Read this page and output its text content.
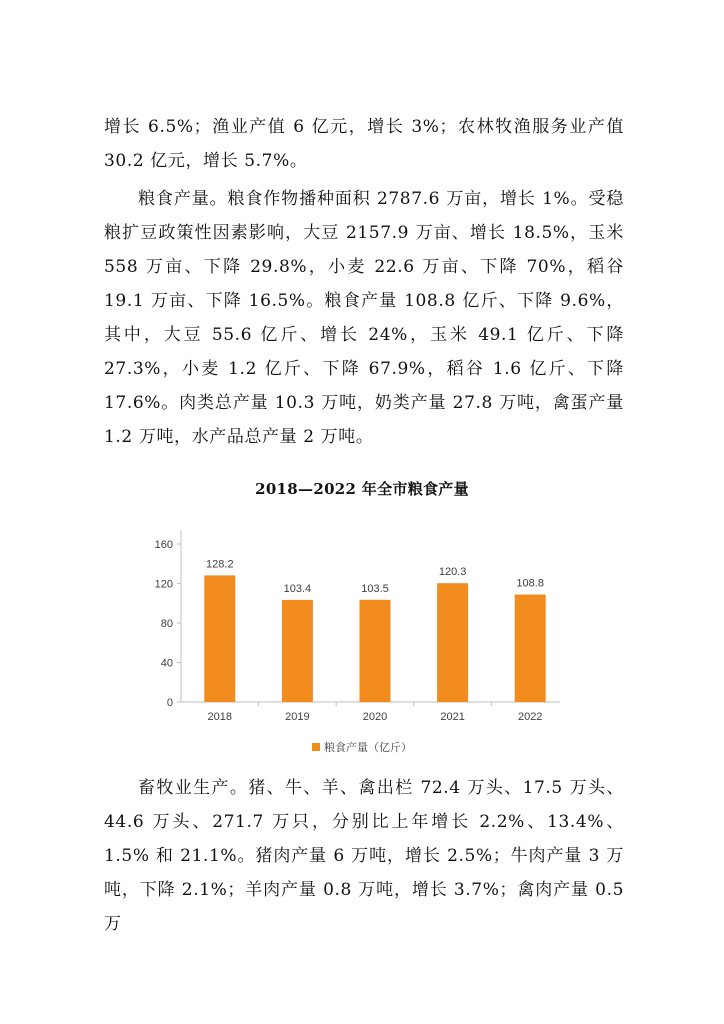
增长 6.5%；渔业产值 6 亿元，增长 3%；农林牧渔服务业产值 30.2 亿元，增长 5.7%。

粮食产量。粮食作物播种面积 2787.6 万亩，增长 1%。受稳粮扩豆政策性因素影响，大豆 2157.9 万亩、增长 18.5%，玉米 558 万亩、下降 29.8%，小麦 22.6 万亩、下降 70%，稻谷 19.1 万亩、下降 16.5%。粮食产量 108.8 亿斤、下降 9.6%，其中，大豆 55.6 亿斤、增长 24%，玉米 49.1 亿斤、下降 27.3%，小麦 1.2 亿斤、下降 67.9%，稻谷 1.6 亿斤、下降 17.6%。肉类总产量 10.3 万吨，奶类产量 27.8 万吨，禽蛋产量 1.2 万吨，水产品总产量 2 万吨。

2018—2022 年全市粮食产量
0
40
80
120
160
128.2
2018
103.4
2019
103.5
2020
120.3
2021
108.8
2022
粮食产量（亿斤）

畜牧业生产。猪、牛、羊、禽出栏 72.4 万头、17.5 万头、44.6 万头、271.7 万只，分别比上年增长 2.2%、13.4%、1.5% 和 21.1%。猪肉产量 6 万吨，增长 2.5%；牛肉产量 3 万吨，下降 2.1%；羊肉产量 0.8 万吨，增长 3.7%；禽肉产量 0.5 万
